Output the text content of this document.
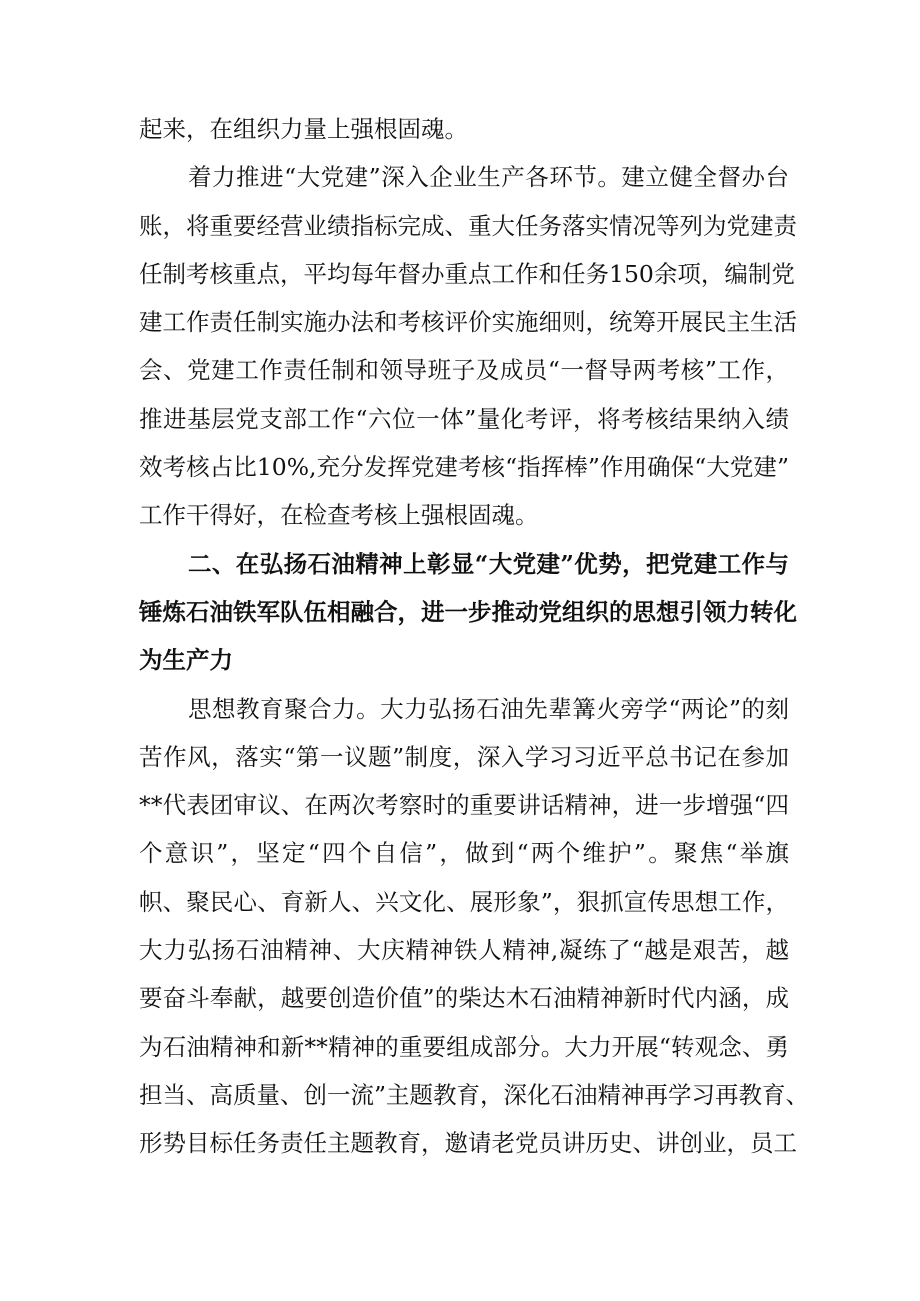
起来，在组织力量上强根固魂。
着力推进“大党建”深入企业生产各环节。建立健全督办台
账，将重要经营业绩指标完成、重大任务落实情况等列为党建责
任制考核重点，平均每年督办重点工作和任务150余项，编制党
建工作责任制实施办法和考核评价实施细则，统筹开展民主生活
会、党建工作责任制和领导班子及成员“一督导两考核”工作，
推进基层党支部工作“六位一体”量化考评，将考核结果纳入绩
效考核占比10%,充分发挥党建考核“指挥棒”作用确保“大党建”
工作干得好，在检查考核上强根固魂。
二、在弘扬石油精神上彰显“大党建”优势，把党建工作与
锤炼石油铁军队伍相融合，进一步推动党组织的思想引领力转化
为生产力
思想教育聚合力。大力弘扬石油先辈篝火旁学“两论”的刻
苦作风，落实“第一议题”制度，深入学习习近平总书记在参加
**代表团审议、在两次考察时的重要讲话精神，进一步增强“四
个意识”，坚定“四个自信”，做到“两个维护”。聚焦“举旗
帜、聚民心、育新人、兴文化、展形象”，狠抓宣传思想工作，
大力弘扬石油精神、大庆精神铁人精神,凝练了“越是艰苦，越
要奋斗奉献，越要创造价值”的柴达木石油精神新时代内涵，成
为石油精神和新**精神的重要组成部分。大力开展“转观念、勇
担当、高质量、创一流”主题教育，深化石油精神再学习再教育、
形势目标任务责任主题教育，邀请老党员讲历史、讲创业，员工
